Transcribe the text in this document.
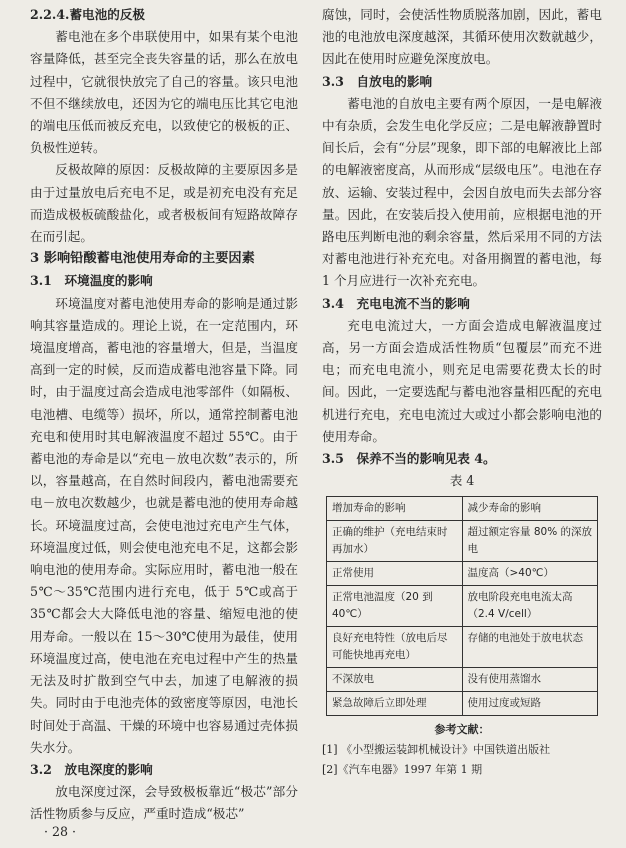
2.2.4.蓄电池的反极

蓄电池在多个串联使用中，如果有某个电池容量降低，甚至完全丧失容量的话，那么在放电过程中，它就很快放完了自己的容量。该只电池不但不继续放电，还因为它的端电压比其它电池的端电压低而被反充电，以致使它的极板的正、负极性逆转。

反极故障的原因：反极故障的主要原因多是由于过量放电后充电不足，或是初充电没有充足而造成极板硫酸盐化，或者极板间有短路故障存在而引起。

3 影响铅酸蓄电池使用寿命的主要因素

3.1　环境温度的影响

环境温度对蓄电池使用寿命的影响是通过影响其容量造成的。理论上说，在一定范围内，环境温度增高，蓄电池的容量增大，但是，当温度高到一定的时候，反而造成蓄电池容量下降。同时，由于温度过高会造成电池零部件（如隔板、电池槽、电缆等）损坏，所以，通常控制蓄电池充电和使用时其电解液温度不超过 55℃。由于蓄电池的寿命是以“充电－放电次数”表示的，所以，容量越高，在自然时间段内，蓄电池需要充电－放电次数越少，也就是蓄电池的使用寿命越长。环境温度过高，会使电池过充电产生气体，环境温度过低，则会使电池充电不足，这都会影响电池的使用寿命。实际应用时，蓄电池一般在 5℃～35℃范围内进行充电，低于 5℃或高于 35℃都会大大降低电池的容量、缩短电池的使用寿命。一般以在 15～30℃使用为最佳，使用环境温度过高，使电池在充电过程中产生的热量无法及时扩散到空气中去，加速了电解液的损失。同时由于电池壳体的致密度等原因，电池长时间处于高温、干燥的环境中也容易通过壳体损失水分。

3.2　放电深度的影响

放电深度过深，会导致极板靠近“极芯”部分活性物质参与反应，严重时造成“极芯”

腐蚀，同时，会使活性物质脱落加剧，因此，蓄电池的电池放电深度越深，其循环使用次数就越少，因此在使用时应避免深度放电。

3.3　自放电的影响

蓄电池的自放电主要有两个原因，一是电解液中有杂质，会发生电化学反应；二是电解液静置时间长后，会有“分层”现象，即下部的电解液比上部的电解液密度高，从而形成“层级电压”。电池在存放、运输、安装过程中，会因自放电而失去部分容量。因此，在安装后投入使用前，应根据电池的开路电压判断电池的剩余容量，然后采用不同的方法对蓄电池进行补充充电。对备用搁置的蓄电池，每 1 个月应进行一次补充充电。

3.4　充电电流不当的影响

充电电流过大，一方面会造成电解液温度过高，另一方面会造成活性物质“包覆层”而充不进电；而充电电流小，则充足电需要花费太长的时间。因此，一定要选配与蓄电池容量相匹配的充电机进行充电，充电电流过大或过小都会影响电池的使用寿命。

3.5　保养不当的影响见表 4。

表 4

增加寿命的影响	减少寿命的影响
正确的维护（充电结束时再加水）	超过额定容量 80% 的深放电
正常使用	温度高（>40℃）
正常电池温度（20 到 40℃）	放电阶段充电电流太高（2.4 V/cell）
良好充电特性（放电后尽可能快地再充电）	存储的电池处于放电状态
不深放电	没有使用蒸馏水
紧急故障后立即处理	使用过度或短路

参考文献：

[1] 《小型搬运装卸机械设计》中国铁道出版社

[2]《汽车电器》1997 年第 1 期

· 28 ·
